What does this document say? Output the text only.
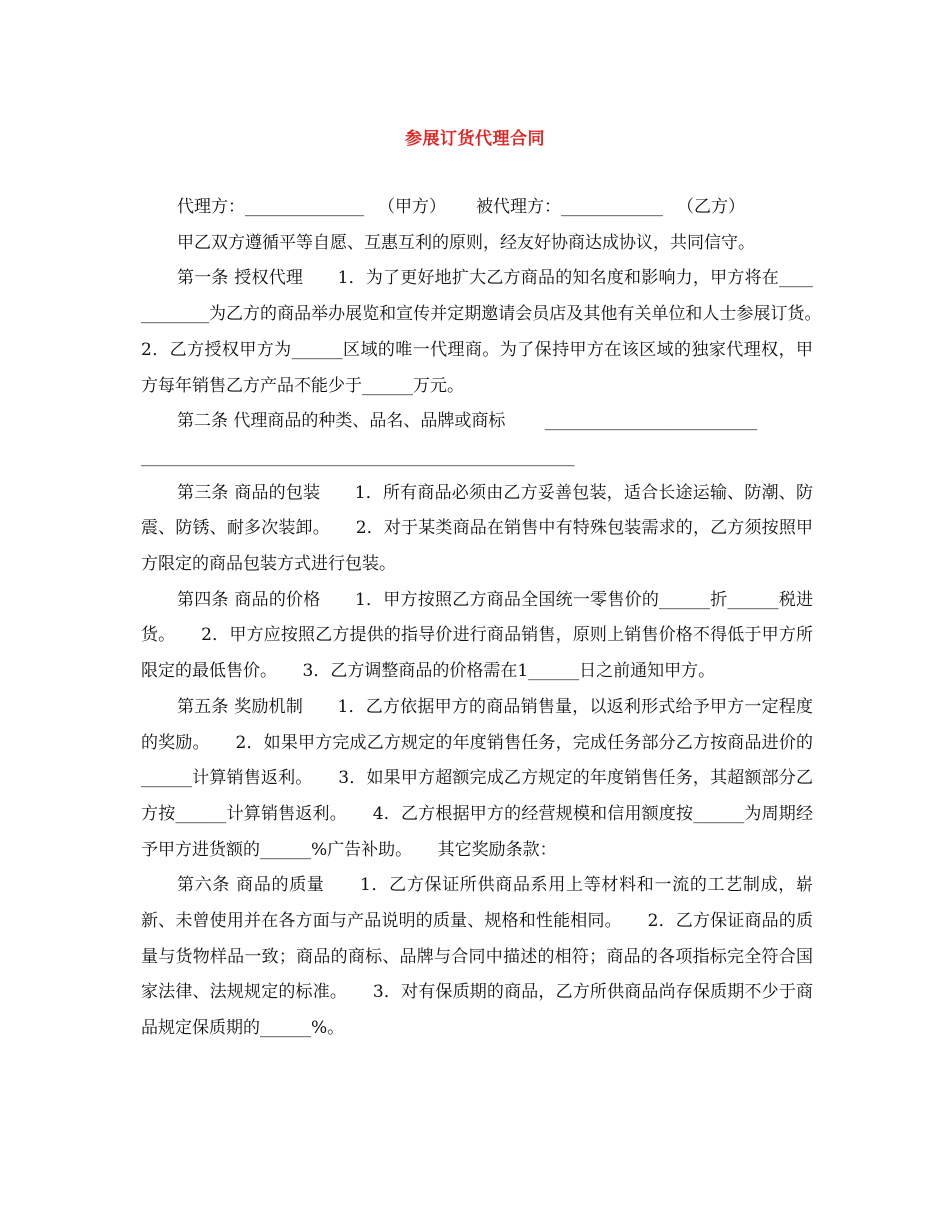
参展订货代理合同

代理方：______________ （甲方） 被代理方：____________ （乙方）

甲乙双方遵循平等自愿、互惠互利的原则，经友好协商达成协议，共同信守。

第一条 授权代理　　1．为了更好地扩大乙方商品的知名度和影响力，甲方将在____________为乙方的商品举办展览和宣传并定期邀请会员店及其他有关单位和人士参展订货。　　2．乙方授权甲方为______区域的唯一代理商。为了保持甲方在该区域的独家代理权，甲方每年销售乙方产品不能少于______万元。

第二条 代理商品的种类、品名、品牌或商标　　 _________________________

___________________________________________________

第三条 商品的包装　　1．所有商品必须由乙方妥善包装，适合长途运输、防潮、防震、防锈、耐多次装卸。　　2．对于某类商品在销售中有特殊包装需求的，乙方须按照甲方限定的商品包装方式进行包装。

第四条 商品的价格　　1．甲方按照乙方商品全国统一零售价的______折______税进货。　　2．甲方应按照乙方提供的指导价进行商品销售，原则上销售价格不得低于甲方所限定的最低售价。　　3．乙方调整商品的价格需在1______日之前通知甲方。

第五条 奖励机制　　1．乙方依据甲方的商品销售量，以返利形式给予甲方一定程度的奖励。　　2．如果甲方完成乙方规定的年度销售任务，完成任务部分乙方按商品进价的______计算销售返利。　　3．如果甲方超额完成乙方规定的年度销售任务，其超额部分乙方按______计算销售返利。　　4．乙方根据甲方的经营规模和信用额度按______为周期经予甲方进货额的______%广告补助。　　其它奖励条款：

第六条 商品的质量　　1．乙方保证所供商品系用上等材料和一流的工艺制成，崭新、未曾使用并在各方面与产品说明的质量、规格和性能相同。　　2．乙方保证商品的质量与货物样品一致；商品的商标、品牌与合同中描述的相符；商品的各项指标完全符合国家法律、法规规定的标准。　　3．对有保质期的商品，乙方所供商品尚存保质期不少于商品规定保质期的______%。
